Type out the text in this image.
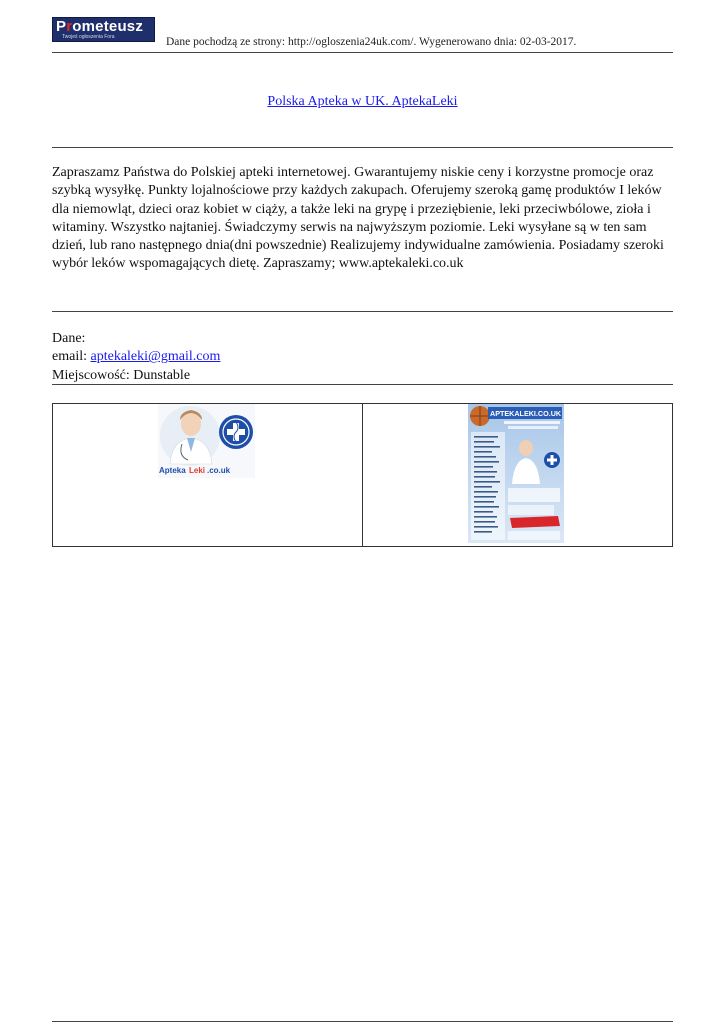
Prometeusz
Twojeś ogłoszenia Fora	Dane pochodzą ze strony: http://ogloszenia24uk.com/. Wygenerowano dnia: 02-03-2017.
Polska Apteka w UK. AptekaLeki

Zapraszamz Państwa do Polskiej apteki internetowej. Gwarantujemy niskie ceny i korzystne promocje oraz szybką wysyłkę. Punkty lojalnościowe przy każdych zakupach. Oferujemy szeroką gamę produktów I leków dla niemowląt, dzieci oraz kobiet w ciąży, a także leki na grypę i przeziębienie, leki przeciwbólowe, zioła i witaminy. Wszystko najtaniej. Świadczymy serwis na najwyższym poziomie. Leki wysyłane są w ten sam dzień, lub rano następnego dnia(dni powszednie) Realizujemy indywidualne zamówienia. Posiadamy szeroki wybór leków wspomagających dietę. Zapraszamy; www.aptekaleki.co.uk

Dane:
email: aptekaleki@gmail.com
Miejscowość: Dunstable
Apteka Leki .co.uk
APTEKALEKI.CO.UK
